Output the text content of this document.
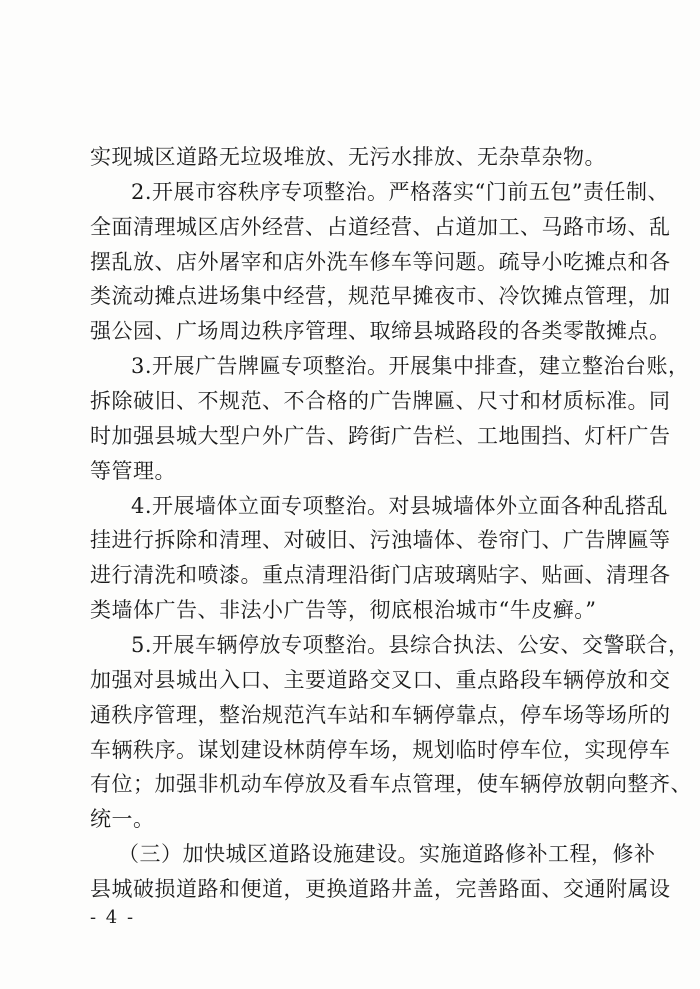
实现城区道路无垃圾堆放、无污水排放、无杂草杂物。
2.开展市容秩序专项整治。严格落实“门前五包”责任制、
全面清理城区店外经营、占道经营、占道加工、马路市场、乱
摆乱放、店外屠宰和店外洗车修车等问题。疏导小吃摊点和各
类流动摊点进场集中经营，规范早摊夜市、冷饮摊点管理，加
强公园、广场周边秩序管理、取缔县城路段的各类零散摊点。
3.开展广告牌匾专项整治。开展集中排查，建立整治台账，
拆除破旧、不规范、不合格的广告牌匾、尺寸和材质标准。同
时加强县城大型户外广告、跨街广告栏、工地围挡、灯杆广告
等管理。
4.开展墙体立面专项整治。对县城墙体外立面各种乱搭乱
挂进行拆除和清理、对破旧、污浊墙体、卷帘门、广告牌匾等
进行清洗和喷漆。重点清理沿街门店玻璃贴字、贴画、清理各
类墙体广告、非法小广告等，彻底根治城市“牛皮癣。”
5.开展车辆停放专项整治。县综合执法、公安、交警联合，
加强对县城出入口、主要道路交叉口、重点路段车辆停放和交
通秩序管理，整治规范汽车站和车辆停靠点，停车场等场所的
车辆秩序。谋划建设林荫停车场，规划临时停车位，实现停车
有位；加强非机动车停放及看车点管理，使车辆停放朝向整齐、
统一。
（三）加快城区道路设施建设。实施道路修补工程，修补
县城破损道路和便道，更换道路井盖，完善路面、交通附属设
- 4 -
